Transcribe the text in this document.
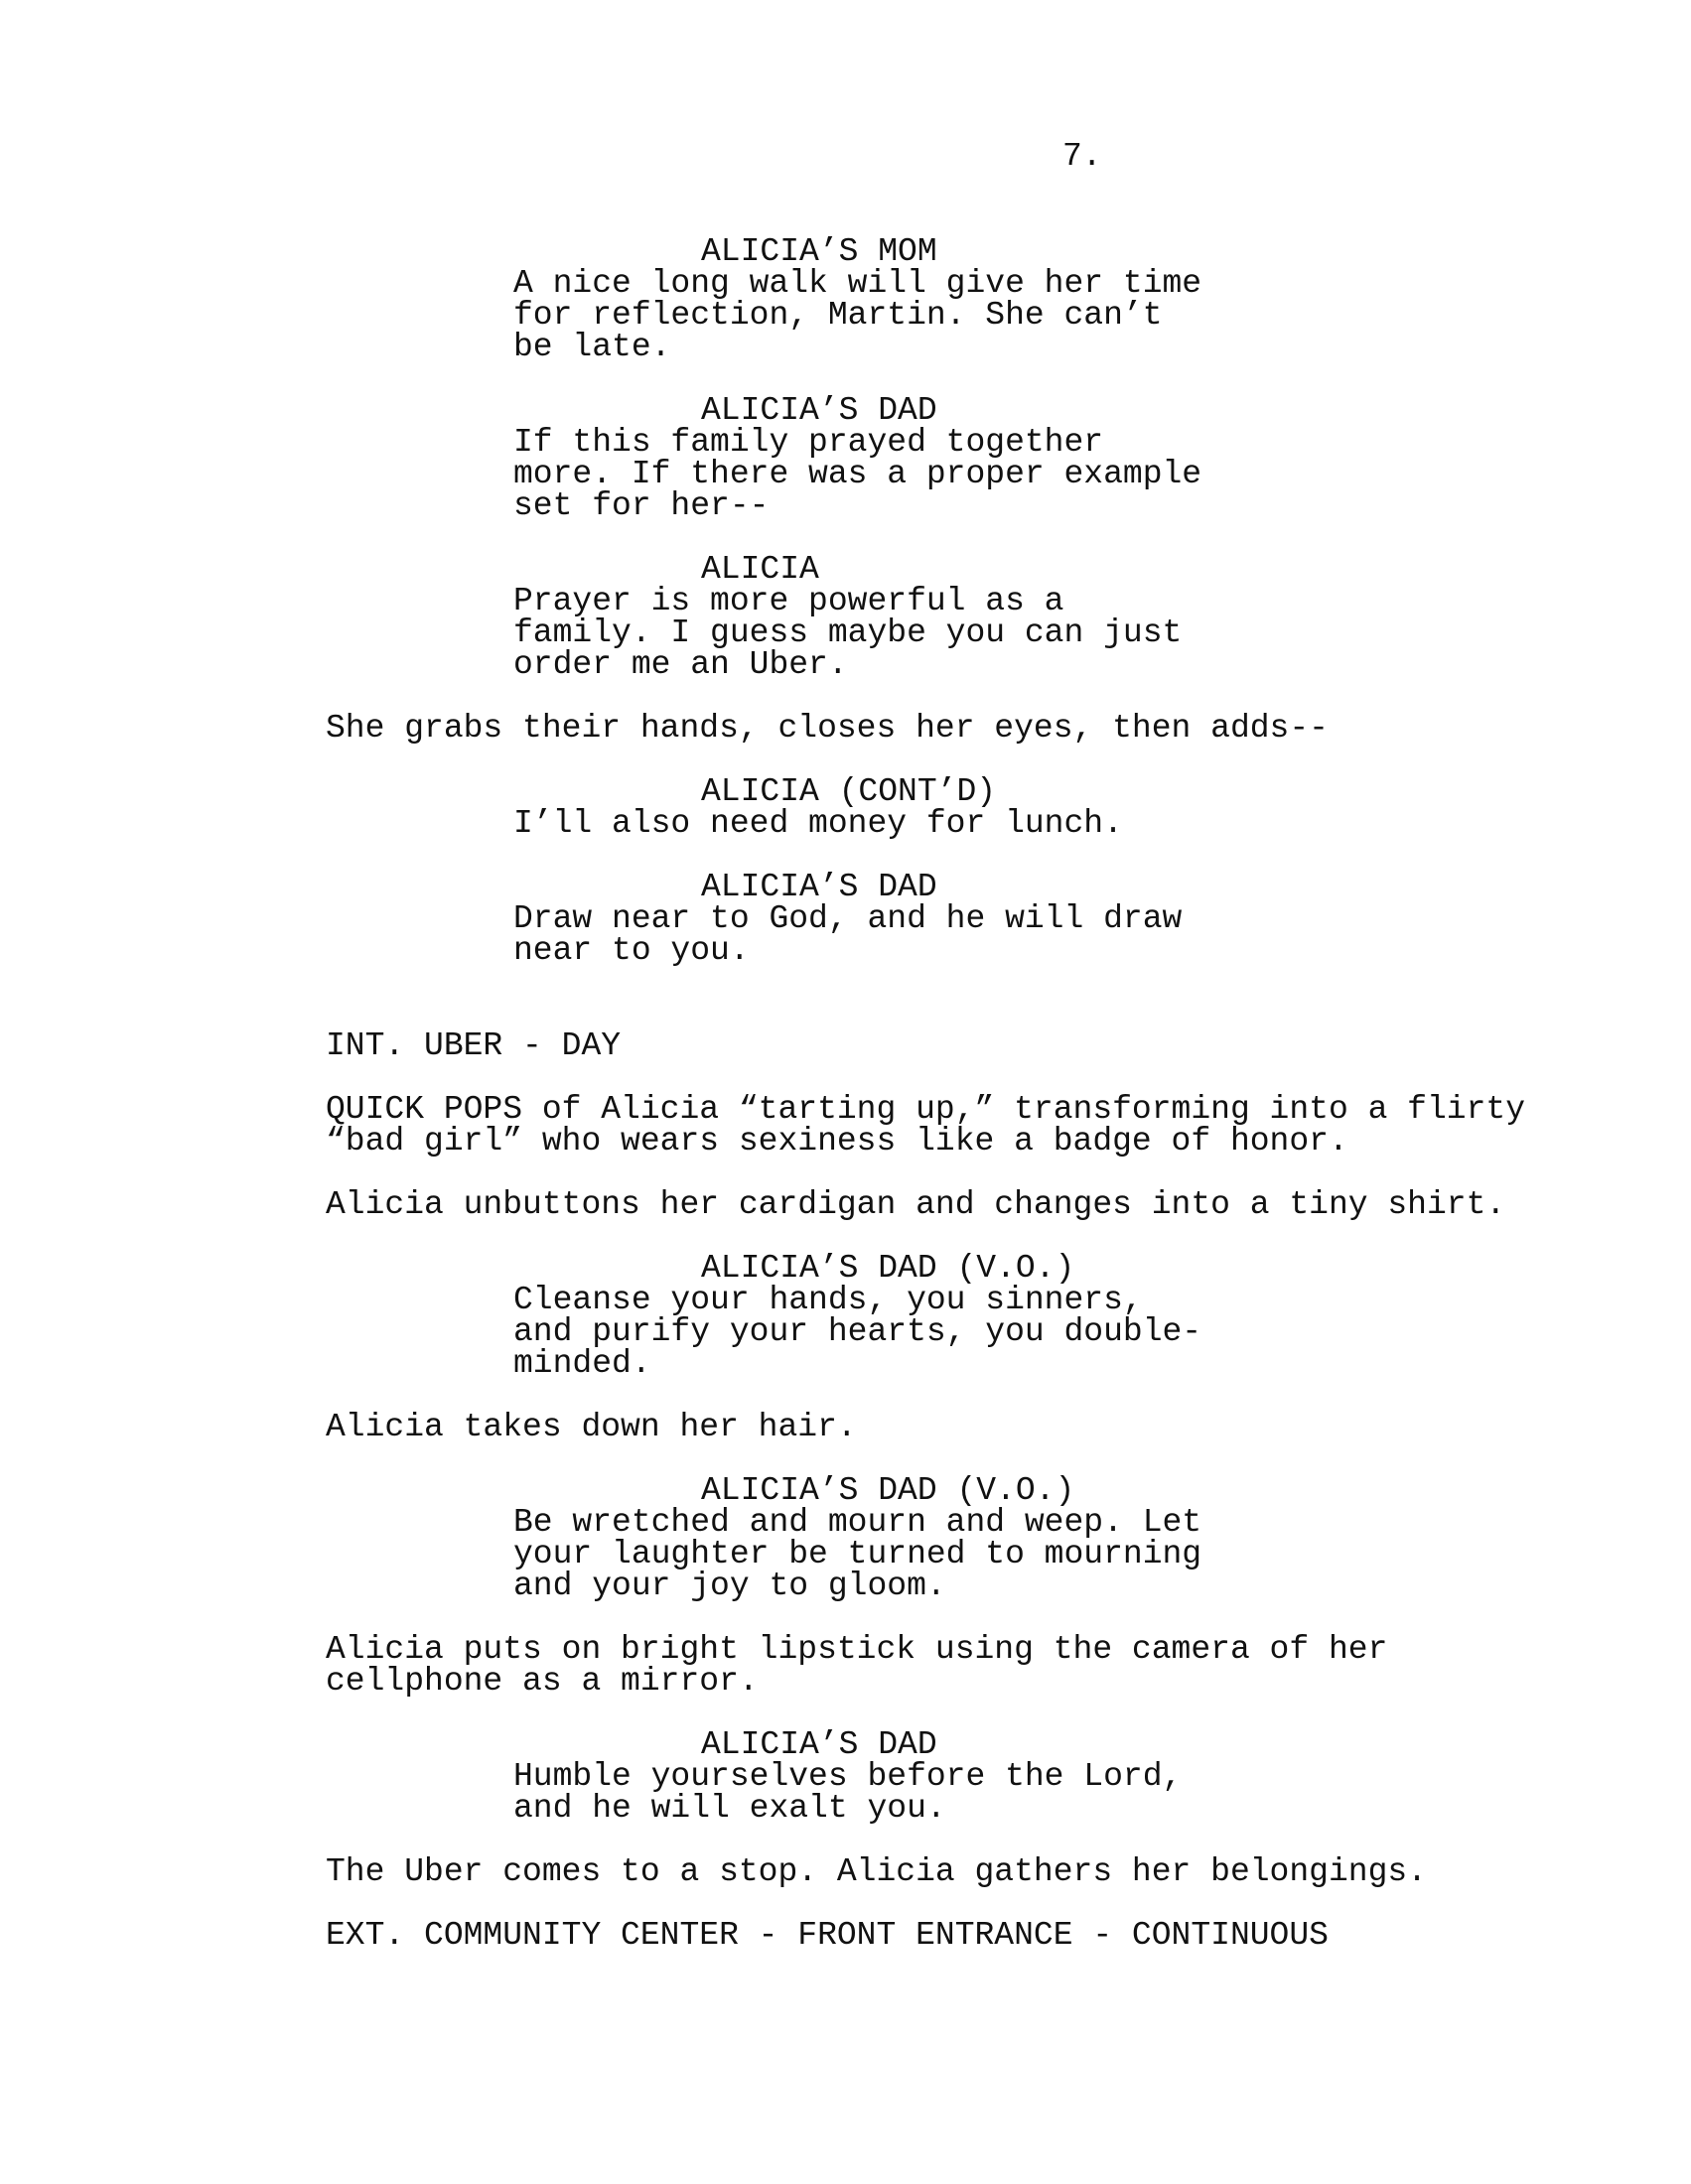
7.
ALICIA’S MOM
A nice long walk will give her time
for reflection, Martin. She can’t
be late.
ALICIA’S DAD
If this family prayed together
more. If there was a proper example
set for her--
ALICIA
Prayer is more powerful as a
family. I guess maybe you can just
order me an Uber.
She grabs their hands, closes her eyes, then adds--
ALICIA (CONT’D)
I’ll also need money for lunch.
ALICIA’S DAD
Draw near to God, and he will draw
near to you.
INT. UBER - DAY
QUICK POPS of Alicia “tarting up,” transforming into a flirty
“bad girl” who wears sexiness like a badge of honor.
Alicia unbuttons her cardigan and changes into a tiny shirt.
ALICIA’S DAD (V.O.)
Cleanse your hands, you sinners,
and purify your hearts, you double-
minded.
Alicia takes down her hair.
ALICIA’S DAD (V.O.)
Be wretched and mourn and weep. Let
your laughter be turned to mourning
and your joy to gloom.
Alicia puts on bright lipstick using the camera of her
cellphone as a mirror.
ALICIA’S DAD
Humble yourselves before the Lord,
and he will exalt you.
The Uber comes to a stop. Alicia gathers her belongings.
EXT. COMMUNITY CENTER - FRONT ENTRANCE - CONTINUOUS
